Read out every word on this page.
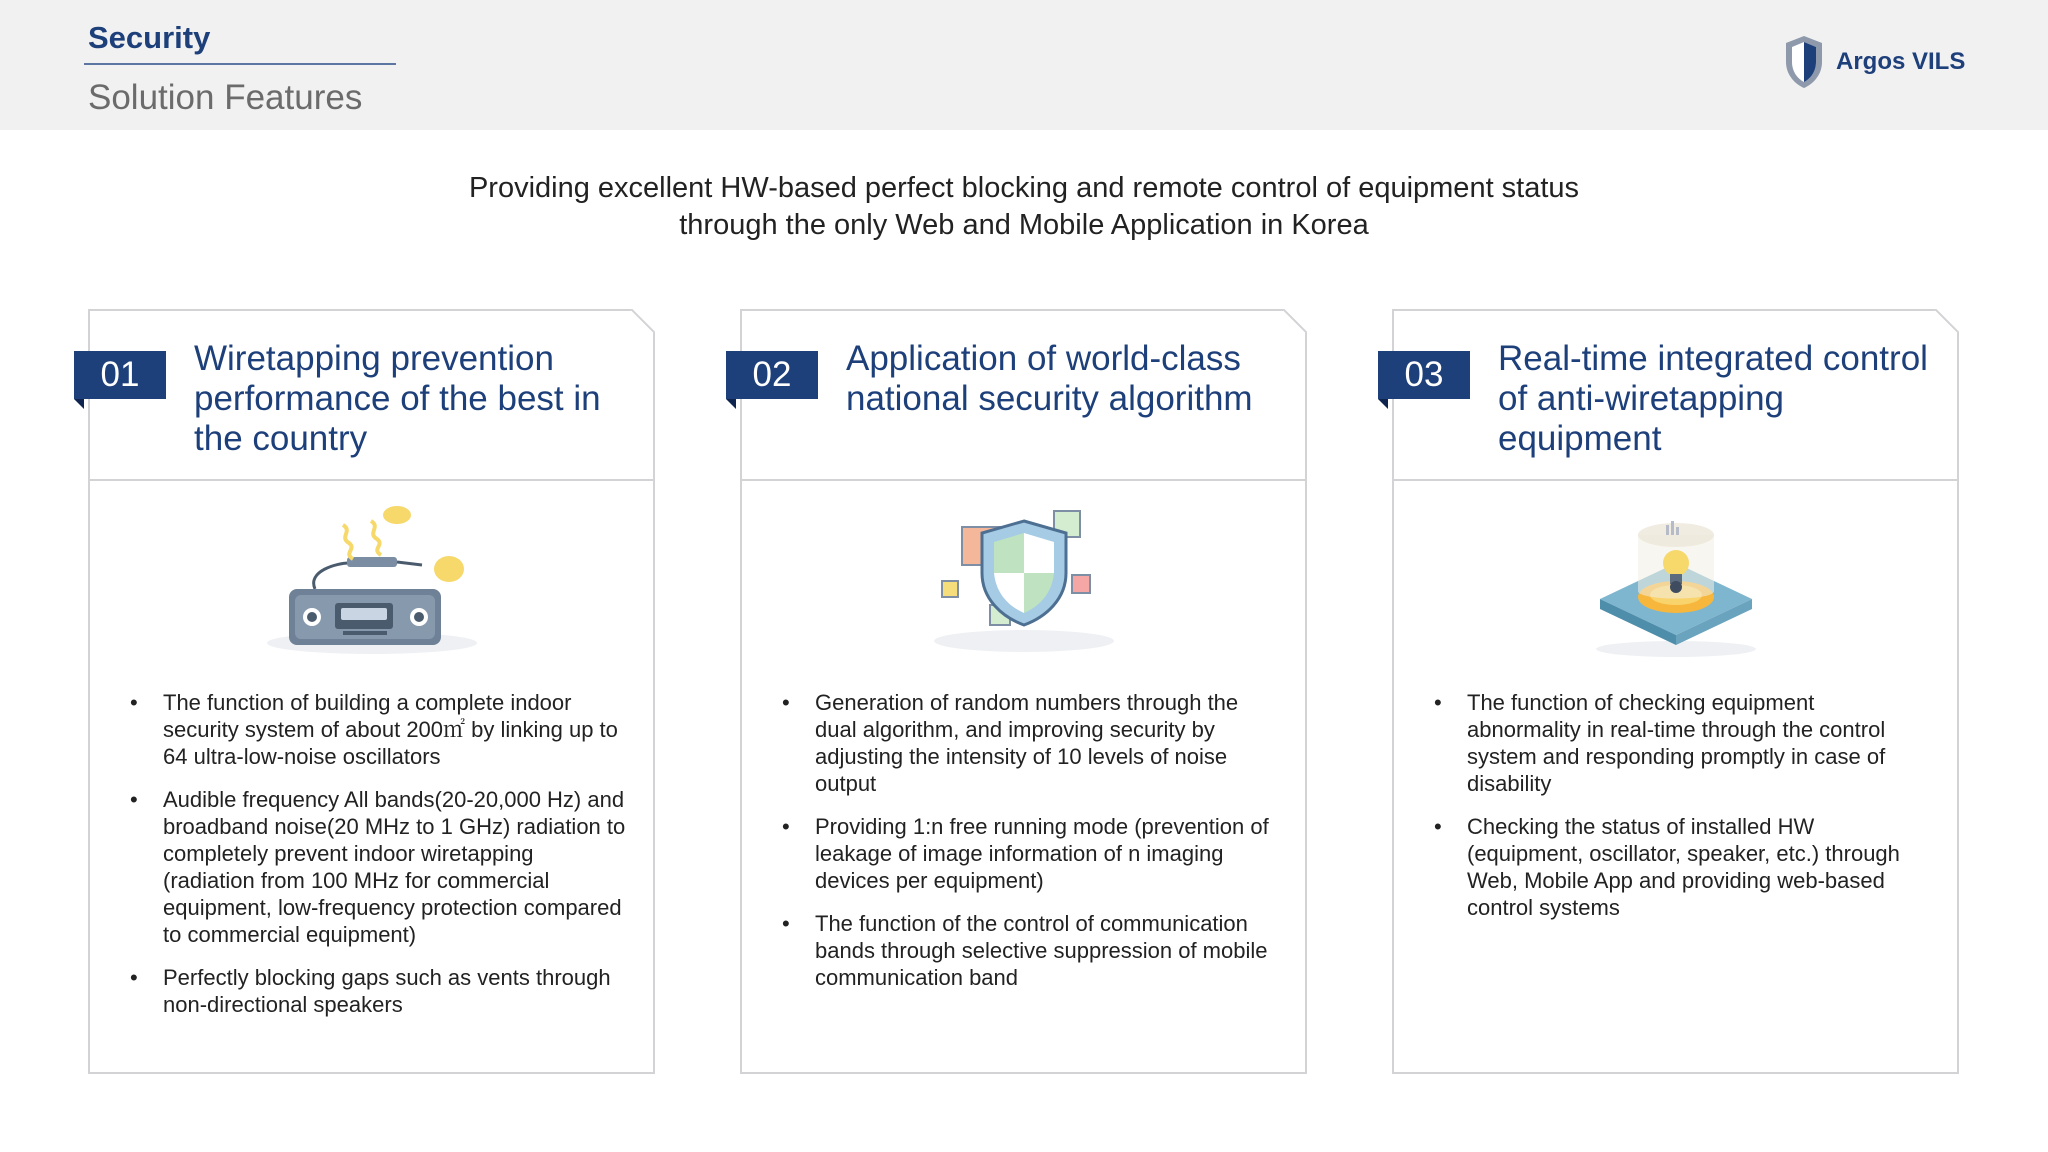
Security
Solution Features
Argos VILS
Providing excellent HW-based perfect blocking and remote control of equipment status
through the only Web and Mobile Application in Korea
01	Wiretapping prevention performance of the best in the country
• The function of building a complete indoor security system of about 200㎡ by linking up to 64 ultra-low-noise oscillators
• Audible frequency All bands(20-20,000 Hz) and broadband noise(20 MHz to 1 GHz) radiation to completely prevent indoor wiretapping (radiation from 100 MHz for commercial equipment, low-frequency protection compared to commercial equipment)
• Perfectly blocking gaps such as vents through non-directional speakers
02	Application of world-class national security algorithm
• Generation of random numbers through the dual algorithm, and improving security by adjusting the intensity of 10 levels of noise output
• Providing 1:n free running mode (prevention of leakage of image information of n imaging devices per equipment)
• The function of the control of communication bands through selective suppression of mobile communication band
03	Real-time integrated control of anti-wiretapping equipment
• The function of checking equipment abnormality in real-time through the control system and responding promptly in case of disability
• Checking the status of installed HW (equipment, oscillator, speaker, etc.) through Web, Mobile App and providing web-based control systems
